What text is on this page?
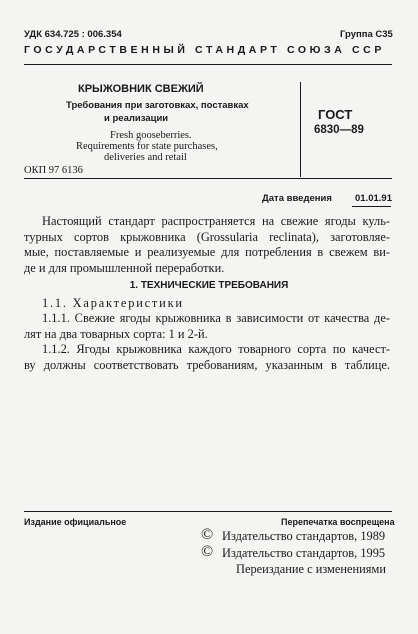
УДК 634.725 : 006.354	Группа С35
ГОСУДАРСТВЕННЫЙ СТАНДАРТ СОЮЗА ССР
КРЫЖОВНИК СВЕЖИЙ
Требования при заготовках, поставках
и реализации
Fresh gooseberries.
Requirements for state purchases,
deliveries and retail
ОКП 97 6136
ГОСТ
6830—89
Дата введения 01.01.91
Настоящий стандарт распространяется на свежие ягоды куль-
турных сортов крыжовника (Grossularia reclinata), заготовляе-
мые, поставляемые и реализуемые для потребления в свежем ви-
де и для промышленной переработки.
1. ТЕХНИЧЕСКИЕ ТРЕБОВАНИЯ
1.1. Характеристики
1.1.1. Свежие ягоды крыжовника в зависимости от качества де-
лят на два товарных сорта: 1 и 2-й.
1.1.2. Ягоды крыжовника каждого товарного сорта по качест-
ву должны соответствовать требованиям, указанным в таблице.
Издание официальное	Перепечатка воспрещена
© Издательство стандартов, 1989
© Издательство стандартов, 1995
Переиздание с изменениями
